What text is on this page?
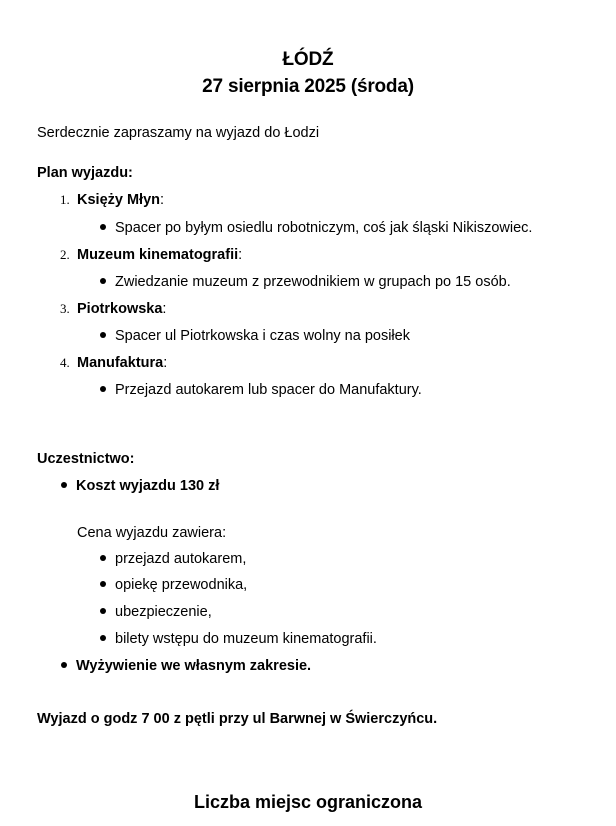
ŁÓDŹ
27 sierpnia 2025 (środa)
Serdecznie zapraszamy na wyjazd do Łodzi
Plan wyjazdu:
1. Księży Młyn:
Spacer po byłym osiedlu robotniczym, coś jak śląski Nikiszowiec.
2. Muzeum kinematografii:
Zwiedzanie muzeum z przewodnikiem w grupach po 15 osób.
3. Piotrkowska:
Spacer ul Piotrkowska i czas wolny na posiłek
4. Manufaktura:
Przejazd autokarem lub spacer do Manufaktury.
Uczestnictwo:
Koszt wyjazdu 130 zł
Cena wyjazdu zawiera:
przejazd autokarem,
opiekę przewodnika,
ubezpieczenie,
bilety wstępu do muzeum kinematografii.
Wyżywienie we własnym zakresie.
Wyjazd o godz 7 00 z pętli przy ul Barwnej w Świerczyńcu.
Liczba miejsc ograniczona
